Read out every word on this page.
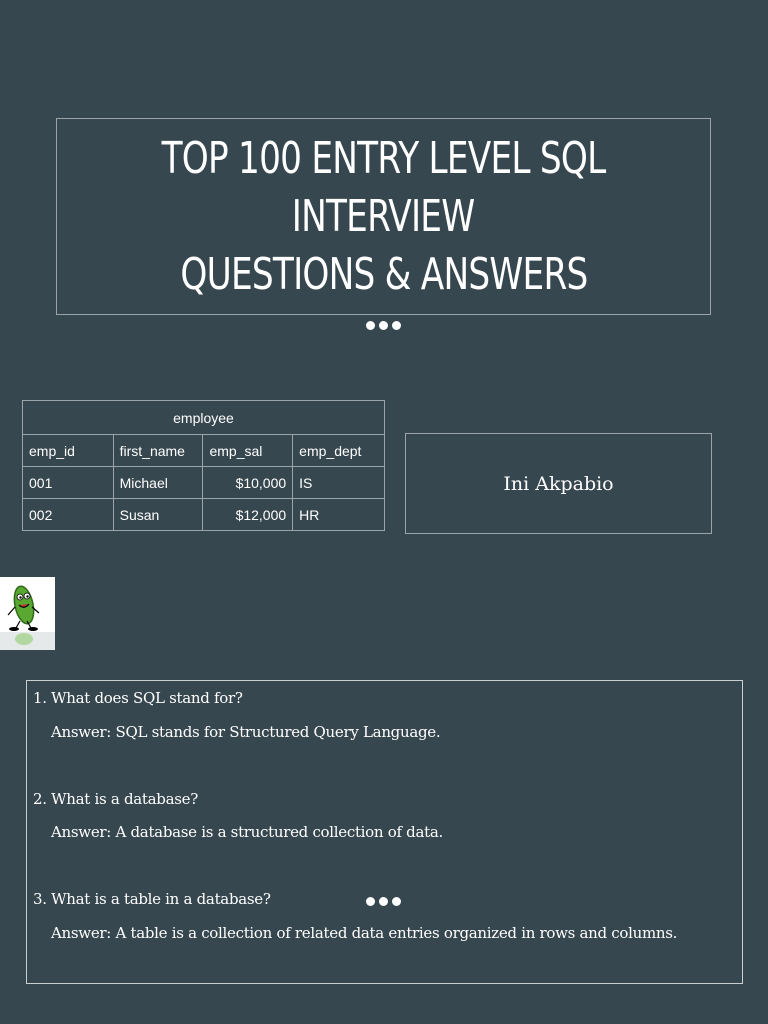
TOP 100 ENTRY LEVEL SQL
INTERVIEW
QUESTIONS & ANSWERS
employee			
emp_id	first_name	emp_sal	emp_dept
001	Michael	$10,000	IS
002	Susan	$12,000	HR
Ini Akpabio
1. What does SQL stand for?
Answer: SQL stands for Structured Query Language.
2. What is a database?
Answer: A database is a structured collection of data.
3. What is a table in a database?
Answer: A table is a collection of related data entries organized in rows and columns.
